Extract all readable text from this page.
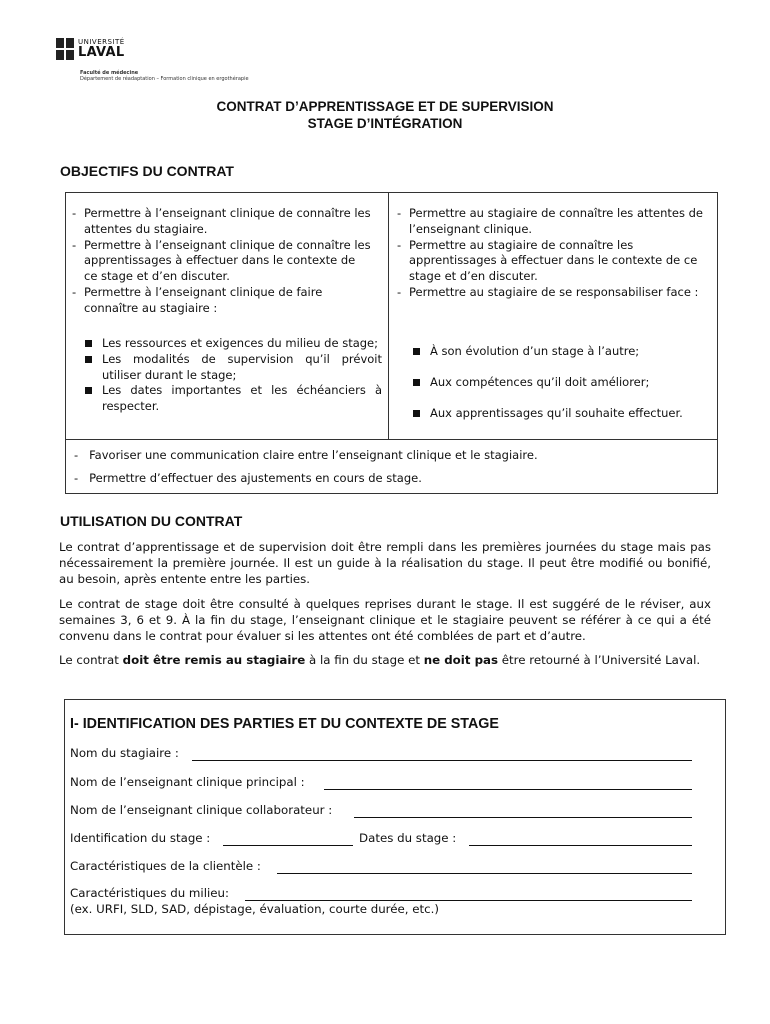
UNIVERSITÉ
LAVAL
Faculté de médecine
Département de réadaptation – Formation clinique en ergothérapie
CONTRAT D’APPRENTISSAGE ET DE SUPERVISION
STAGE D’INTÉGRATION
OBJECTIFS DU CONTRAT
- Permettre à l’enseignant clinique de connaître les attentes du stagiaire.
- Permettre à l’enseignant clinique de connaître les apprentissages à effectuer dans le contexte de ce stage et d’en discuter.
- Permettre à l’enseignant clinique de faire connaître au stagiaire :
Les ressources et exigences du milieu de stage;
Les modalités de supervision qu’il prévoit utiliser durant le stage;
Les dates importantes et les échéanciers à respecter.
- Permettre au stagiaire de connaître les attentes de l’enseignant clinique.
- Permettre au stagiaire de connaître les apprentissages à effectuer dans le contexte de ce stage et d’en discuter.
- Permettre au stagiaire de se responsabiliser face :
À son évolution d’un stage à l’autre;
Aux compétences qu’il doit améliorer;
Aux apprentissages qu’il souhaite effectuer.
-   Favoriser une communication claire entre l’enseignant clinique et le stagiaire.
-   Permettre d’effectuer des ajustements en cours de stage.
UTILISATION DU CONTRAT
Le contrat d’apprentissage et de supervision doit être rempli dans les premières journées du stage mais pas nécessairement la première journée. Il est un guide à la réalisation du stage. Il peut être modifié ou bonifié, au besoin, après entente entre les parties.
Le contrat de stage doit être consulté à quelques reprises durant le stage. Il est suggéré de le réviser, aux semaines 3, 6 et 9. À la fin du stage, l’enseignant clinique et le stagiaire peuvent se référer à ce qui a été convenu dans le contrat pour évaluer si les attentes ont été comblées de part et d’autre.
Le contrat doit être remis au stagiaire à la fin du stage et ne doit pas être retourné à l’Université Laval.
I- IDENTIFICATION DES PARTIES ET DU CONTEXTE DE STAGE
Nom du stagiaire :
Nom de l’enseignant clinique principal :
Nom de l’enseignant clinique collaborateur :
Identification du stage :	Dates du stage :
Caractéristiques de la clientèle :
Caractéristiques du milieu:
(ex. URFI, SLD, SAD, dépistage, évaluation, courte durée, etc.)
